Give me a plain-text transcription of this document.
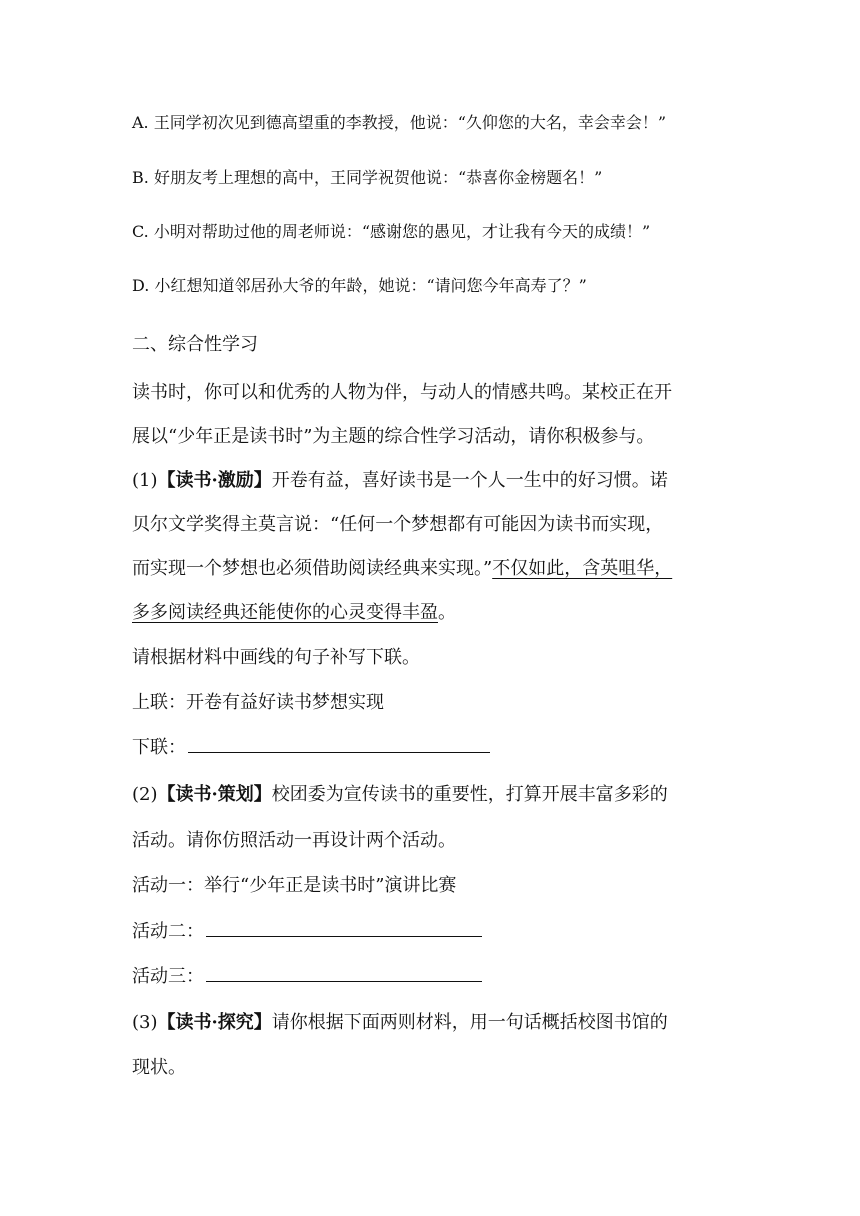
A. 王同学初次见到德高望重的李教授，他说：“久仰您的大名，幸会幸会！”
B. 好朋友考上理想的高中，王同学祝贺他说：“恭喜你金榜题名！”
C. 小明对帮助过他的周老师说：“感谢您的愚见，才让我有今天的成绩！”
D. 小红想知道邻居孙大爷的年龄，她说：“请问您今年高寿了？”
二、综合性学习
读书时，你可以和优秀的人物为伴，与动人的情感共鸣。某校正在开
展以“少年正是读书时”为主题的综合性学习活动，请你积极参与。
(1)【读书·激励】开卷有益，喜好读书是一个人一生中的好习惯。诺
贝尔文学奖得主莫言说：“任何一个梦想都有可能因为读书而实现，
而实现一个梦想也必须借助阅读经典来实现。”不仅如此，含英咀华，
多多阅读经典还能使你的心灵变得丰盈。
请根据材料中画线的句子补写下联。
上联：开卷有益好读书梦想实现
下联：
(2)【读书·策划】校团委为宣传读书的重要性，打算开展丰富多彩的
活动。请你仿照活动一再设计两个活动。
活动一：举行“少年正是读书时”演讲比赛
活动二：
活动三：
(3)【读书·探究】请你根据下面两则材料，用一句话概括校图书馆的
现状。
